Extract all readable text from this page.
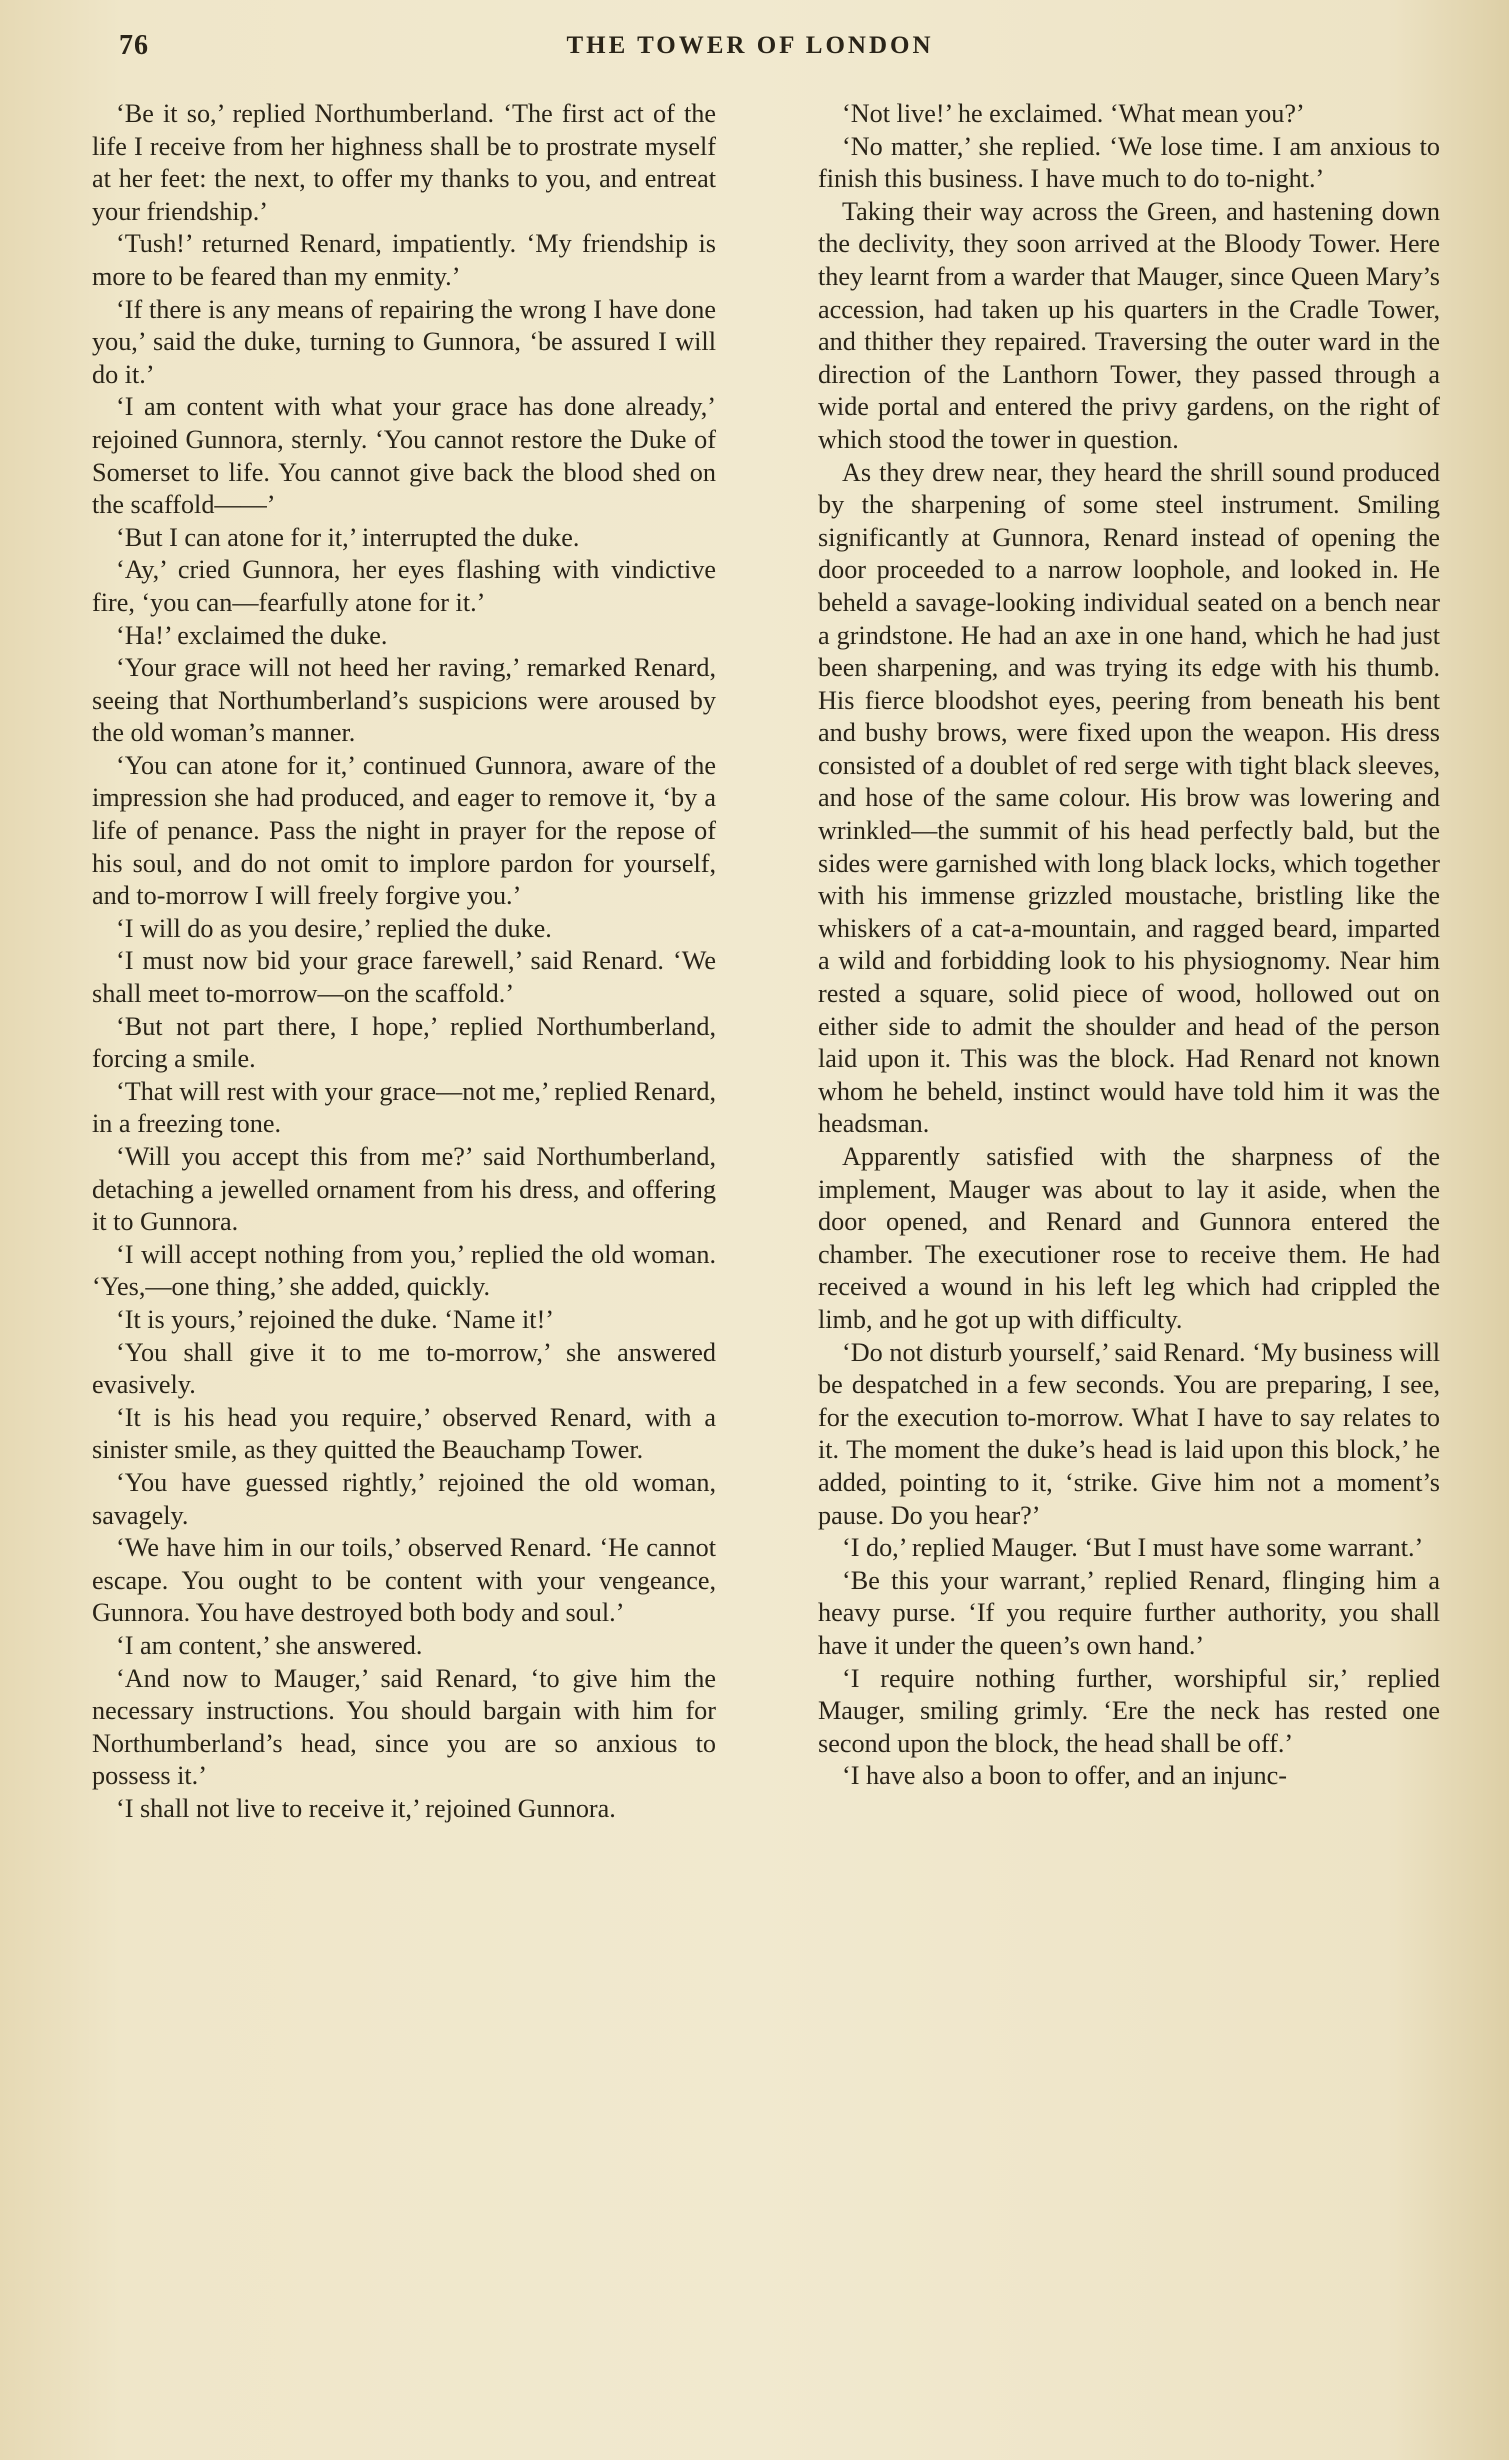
76	THE TOWER OF LONDON

‘Be it so,’ replied Northumberland. ‘The first act of the life I receive from her highness shall be to prostrate myself at her feet: the next, to offer my thanks to you, and entreat your friendship.’

‘Tush!’ returned Renard, impatiently. ‘My friendship is more to be feared than my enmity.’

‘If there is any means of repairing the wrong I have done you,’ said the duke, turning to Gunnora, ‘be assured I will do it.’

‘I am content with what your grace has done already,’ rejoined Gunnora, sternly. ‘You cannot restore the Duke of Somerset to life. You cannot give back the blood shed on the scaffold——’

‘But I can atone for it,’ interrupted the duke.

‘Ay,’ cried Gunnora, her eyes flashing with vindictive fire, ‘you can—fearfully atone for it.’

‘Ha!’ exclaimed the duke.

‘Your grace will not heed her raving,’ remarked Renard, seeing that Northumberland’s suspicions were aroused by the old woman’s manner.

‘You can atone for it,’ continued Gunnora, aware of the impression she had produced, and eager to remove it, ‘by a life of penance. Pass the night in prayer for the repose of his soul, and do not omit to implore pardon for yourself, and to-morrow I will freely forgive you.’

‘I will do as you desire,’ replied the duke.

‘I must now bid your grace farewell,’ said Renard. ‘We shall meet to-morrow—on the scaffold.’

‘But not part there, I hope,’ replied Northumberland, forcing a smile.

‘That will rest with your grace—not me,’ replied Renard, in a freezing tone.

‘Will you accept this from me?’ said Northumberland, detaching a jewelled ornament from his dress, and offering it to Gunnora.

‘I will accept nothing from you,’ replied the old woman. ‘Yes,—one thing,’ she added, quickly.

‘It is yours,’ rejoined the duke. ‘Name it!’

‘You shall give it to me to-morrow,’ she answered evasively.

‘It is his head you require,’ observed Renard, with a sinister smile, as they quitted the Beauchamp Tower.

‘You have guessed rightly,’ rejoined the old woman, savagely.

‘We have him in our toils,’ observed Renard. ‘He cannot escape. You ought to be content with your vengeance, Gunnora. You have destroyed both body and soul.’

‘I am content,’ she answered.

‘And now to Mauger,’ said Renard, ‘to give him the necessary instructions. You should bargain with him for Northumberland’s head, since you are so anxious to possess it.’

‘I shall not live to receive it,’ rejoined Gunnora.

‘Not live!’ he exclaimed. ‘What mean you?’

‘No matter,’ she replied. ‘We lose time. I am anxious to finish this business. I have much to do to-night.’

Taking their way across the Green, and hastening down the declivity, they soon arrived at the Bloody Tower. Here they learnt from a warder that Mauger, since Queen Mary’s accession, had taken up his quarters in the Cradle Tower, and thither they repaired. Traversing the outer ward in the direction of the Lanthorn Tower, they passed through a wide portal and entered the privy gardens, on the right of which stood the tower in question.

As they drew near, they heard the shrill sound produced by the sharpening of some steel instrument. Smiling significantly at Gunnora, Renard instead of opening the door proceeded to a narrow loophole, and looked in. He beheld a savage-looking individual seated on a bench near a grindstone. He had an axe in one hand, which he had just been sharpening, and was trying its edge with his thumb. His fierce bloodshot eyes, peering from beneath his bent and bushy brows, were fixed upon the weapon. His dress consisted of a doublet of red serge with tight black sleeves, and hose of the same colour. His brow was lowering and wrinkled—the summit of his head perfectly bald, but the sides were garnished with long black locks, which together with his immense grizzled moustache, bristling like the whiskers of a cat-a-mountain, and ragged beard, imparted a wild and forbidding look to his physiognomy. Near him rested a square, solid piece of wood, hollowed out on either side to admit the shoulder and head of the person laid upon it. This was the block. Had Renard not known whom he beheld, instinct would have told him it was the headsman.

Apparently satisfied with the sharpness of the implement, Mauger was about to lay it aside, when the door opened, and Renard and Gunnora entered the chamber. The executioner rose to receive them. He had received a wound in his left leg which had crippled the limb, and he got up with difficulty.

‘Do not disturb yourself,’ said Renard. ‘My business will be despatched in a few seconds. You are preparing, I see, for the execution to-morrow. What I have to say relates to it. The moment the duke’s head is laid upon this block,’ he added, pointing to it, ‘strike. Give him not a moment’s pause. Do you hear?’

‘I do,’ replied Mauger. ‘But I must have some warrant.’

‘Be this your warrant,’ replied Renard, flinging him a heavy purse. ‘If you require further authority, you shall have it under the queen’s own hand.’

‘I require nothing further, worshipful sir,’ replied Mauger, smiling grimly. ‘Ere the neck has rested one second upon the block, the head shall be off.’

‘I have also a boon to offer, and an injunc-
